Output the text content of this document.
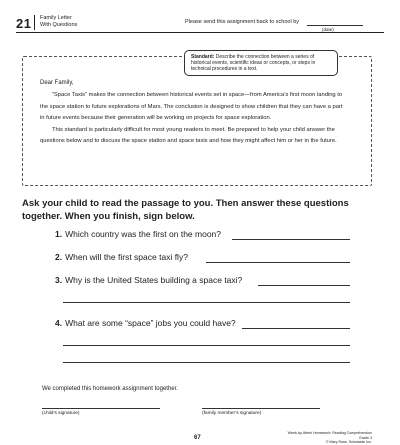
21 Family Letter
With Questions	Please send this assignment back to school by
(date)
Standard: Describe the connection between a series of historical events, scientific ideas or concepts, or steps in technical procedures in a text.
Dear Family,

“Space Taxis” makes the connection between historical events set in space—from America’s first moon landing to the space station to future explorations of Mars. The conclusion is designed to show children that they can have a part in future events because their generation will be working on projects for space exploration.

This standard is particularly difficult for most young readers to meet. Be prepared to help your child answer the questions below and to discuss the space station and space taxis and how they might affect him or her in the future.

Ask your child to read the passage to you. Then answer these questions together. When you finish, sign below.
1. Which country was the first on the moon?
2. When will the first space taxi fly?
3. Why is the United States building a space taxi?
4. What are some “space” jobs you could have?
We completed this homework assignment together.
(child’s signature)	(family member’s signature)
67
Week-by-Week Homework: Reading Comprehension Grade 3
© Mary Rose, Scholastic Inc.
